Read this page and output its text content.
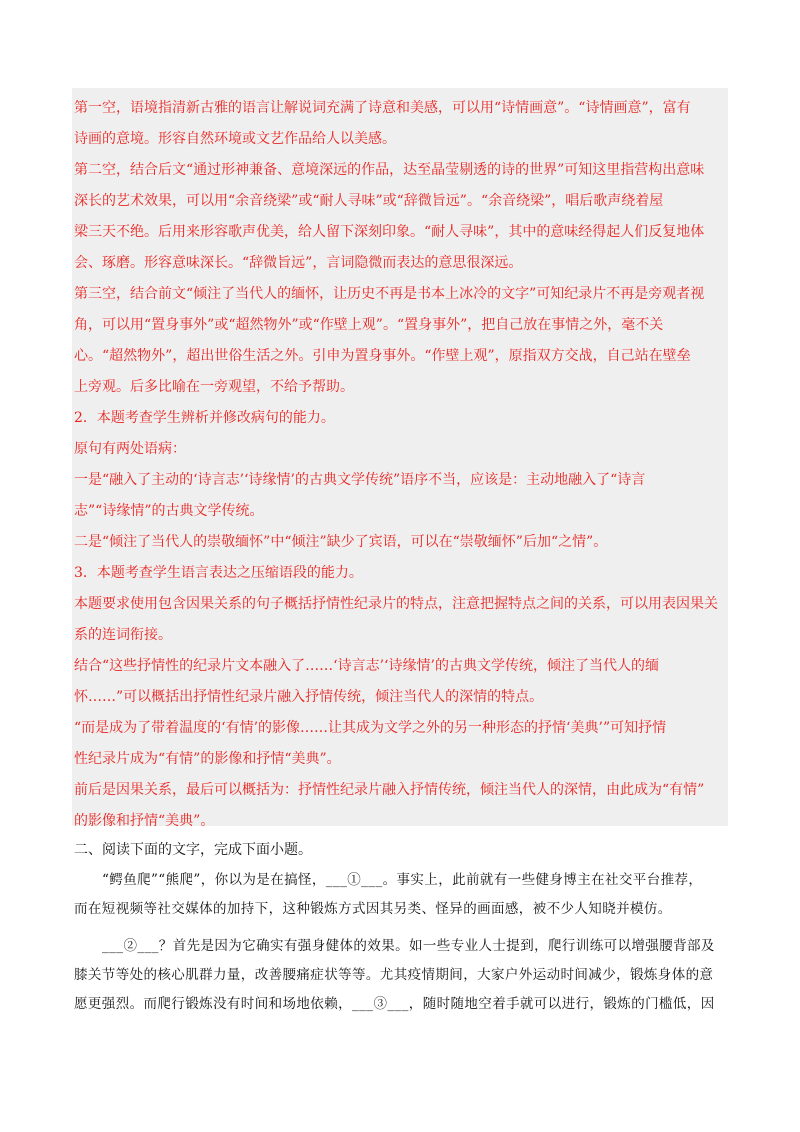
第一空，语境指清新古雅的语言让解说词充满了诗意和美感，可以用“诗情画意”。“诗情画意”，富有
诗画的意境。形容自然环境或文艺作品给人以美感。
第二空，结合后文“通过形神兼备、意境深远的作品，达至晶莹剔透的诗的世界”可知这里指营构出意味
深长的艺术效果，可以用“余音绕梁”或“耐人寻味”或“辞微旨远”。“余音绕梁”，唱后歌声绕着屋
梁三天不绝。后用来形容歌声优美，给人留下深刻印象。“耐人寻味”，其中的意味经得起人们反复地体
会、琢磨。形容意味深长。“辞微旨远”，言词隐微而表达的意思很深远。
第三空，结合前文“倾注了当代人的缅怀，让历史不再是书本上冰冷的文字”可知纪录片不再是旁观者视
角，可以用“置身事外”或“超然物外”或“作壁上观”。“置身事外”，把自己放在事情之外，毫不关
心。“超然物外”，超出世俗生活之外。引申为置身事外。“作壁上观”，原指双方交战，自己站在壁垒
上旁观。后多比喻在一旁观望，不给予帮助。
2．本题考查学生辨析并修改病句的能力。
原句有两处语病：
一是“融入了主动的‘诗言志’‘诗缘情’的古典文学传统”语序不当，应该是：主动地融入了“诗言
志”“诗缘情”的古典文学传统。
二是“倾注了当代人的崇敬缅怀”中“倾注”缺少了宾语，可以在“崇敬缅怀”后加“之情”。
3．本题考查学生语言表达之压缩语段的能力。
本题要求使用包含因果关系的句子概括抒情性纪录片的特点，注意把握特点之间的关系，可以用表因果关
系的连词衔接。
结合“这些抒情性的纪录片文本融入了……‘诗言志’‘诗缘情’的古典文学传统，倾注了当代人的缅
怀……”可以概括出抒情性纪录片融入抒情传统，倾注当代人的深情的特点。
“而是成为了带着温度的‘有情’的影像……让其成为文学之外的另一种形态的抒情‘美典’”可知抒情
性纪录片成为“有情”的影像和抒情“美典”。
前后是因果关系，最后可以概括为：抒情性纪录片融入抒情传统，倾注当代人的深情，由此成为“有情”
的影像和抒情“美典”。
二、阅读下面的文字，完成下面小题。
“鳄鱼爬”“熊爬”，你以为是在搞怪，___①___。事实上，此前就有一些健身博主在社交平台推荐，
而在短视频等社交媒体的加持下，这种锻炼方式因其另类、怪异的画面感，被不少人知晓并模仿。
___②___？首先是因为它确实有强身健体的效果。如一些专业人士提到，爬行训练可以增强腰背部及
膝关节等处的核心肌群力量，改善腰痛症状等等。尤其疫情期间，大家户外运动时间减少，锻炼身体的意
愿更强烈。而爬行锻炼没有时间和场地依赖，___③___，随时随地空着手就可以进行，锻炼的门槛低，因
